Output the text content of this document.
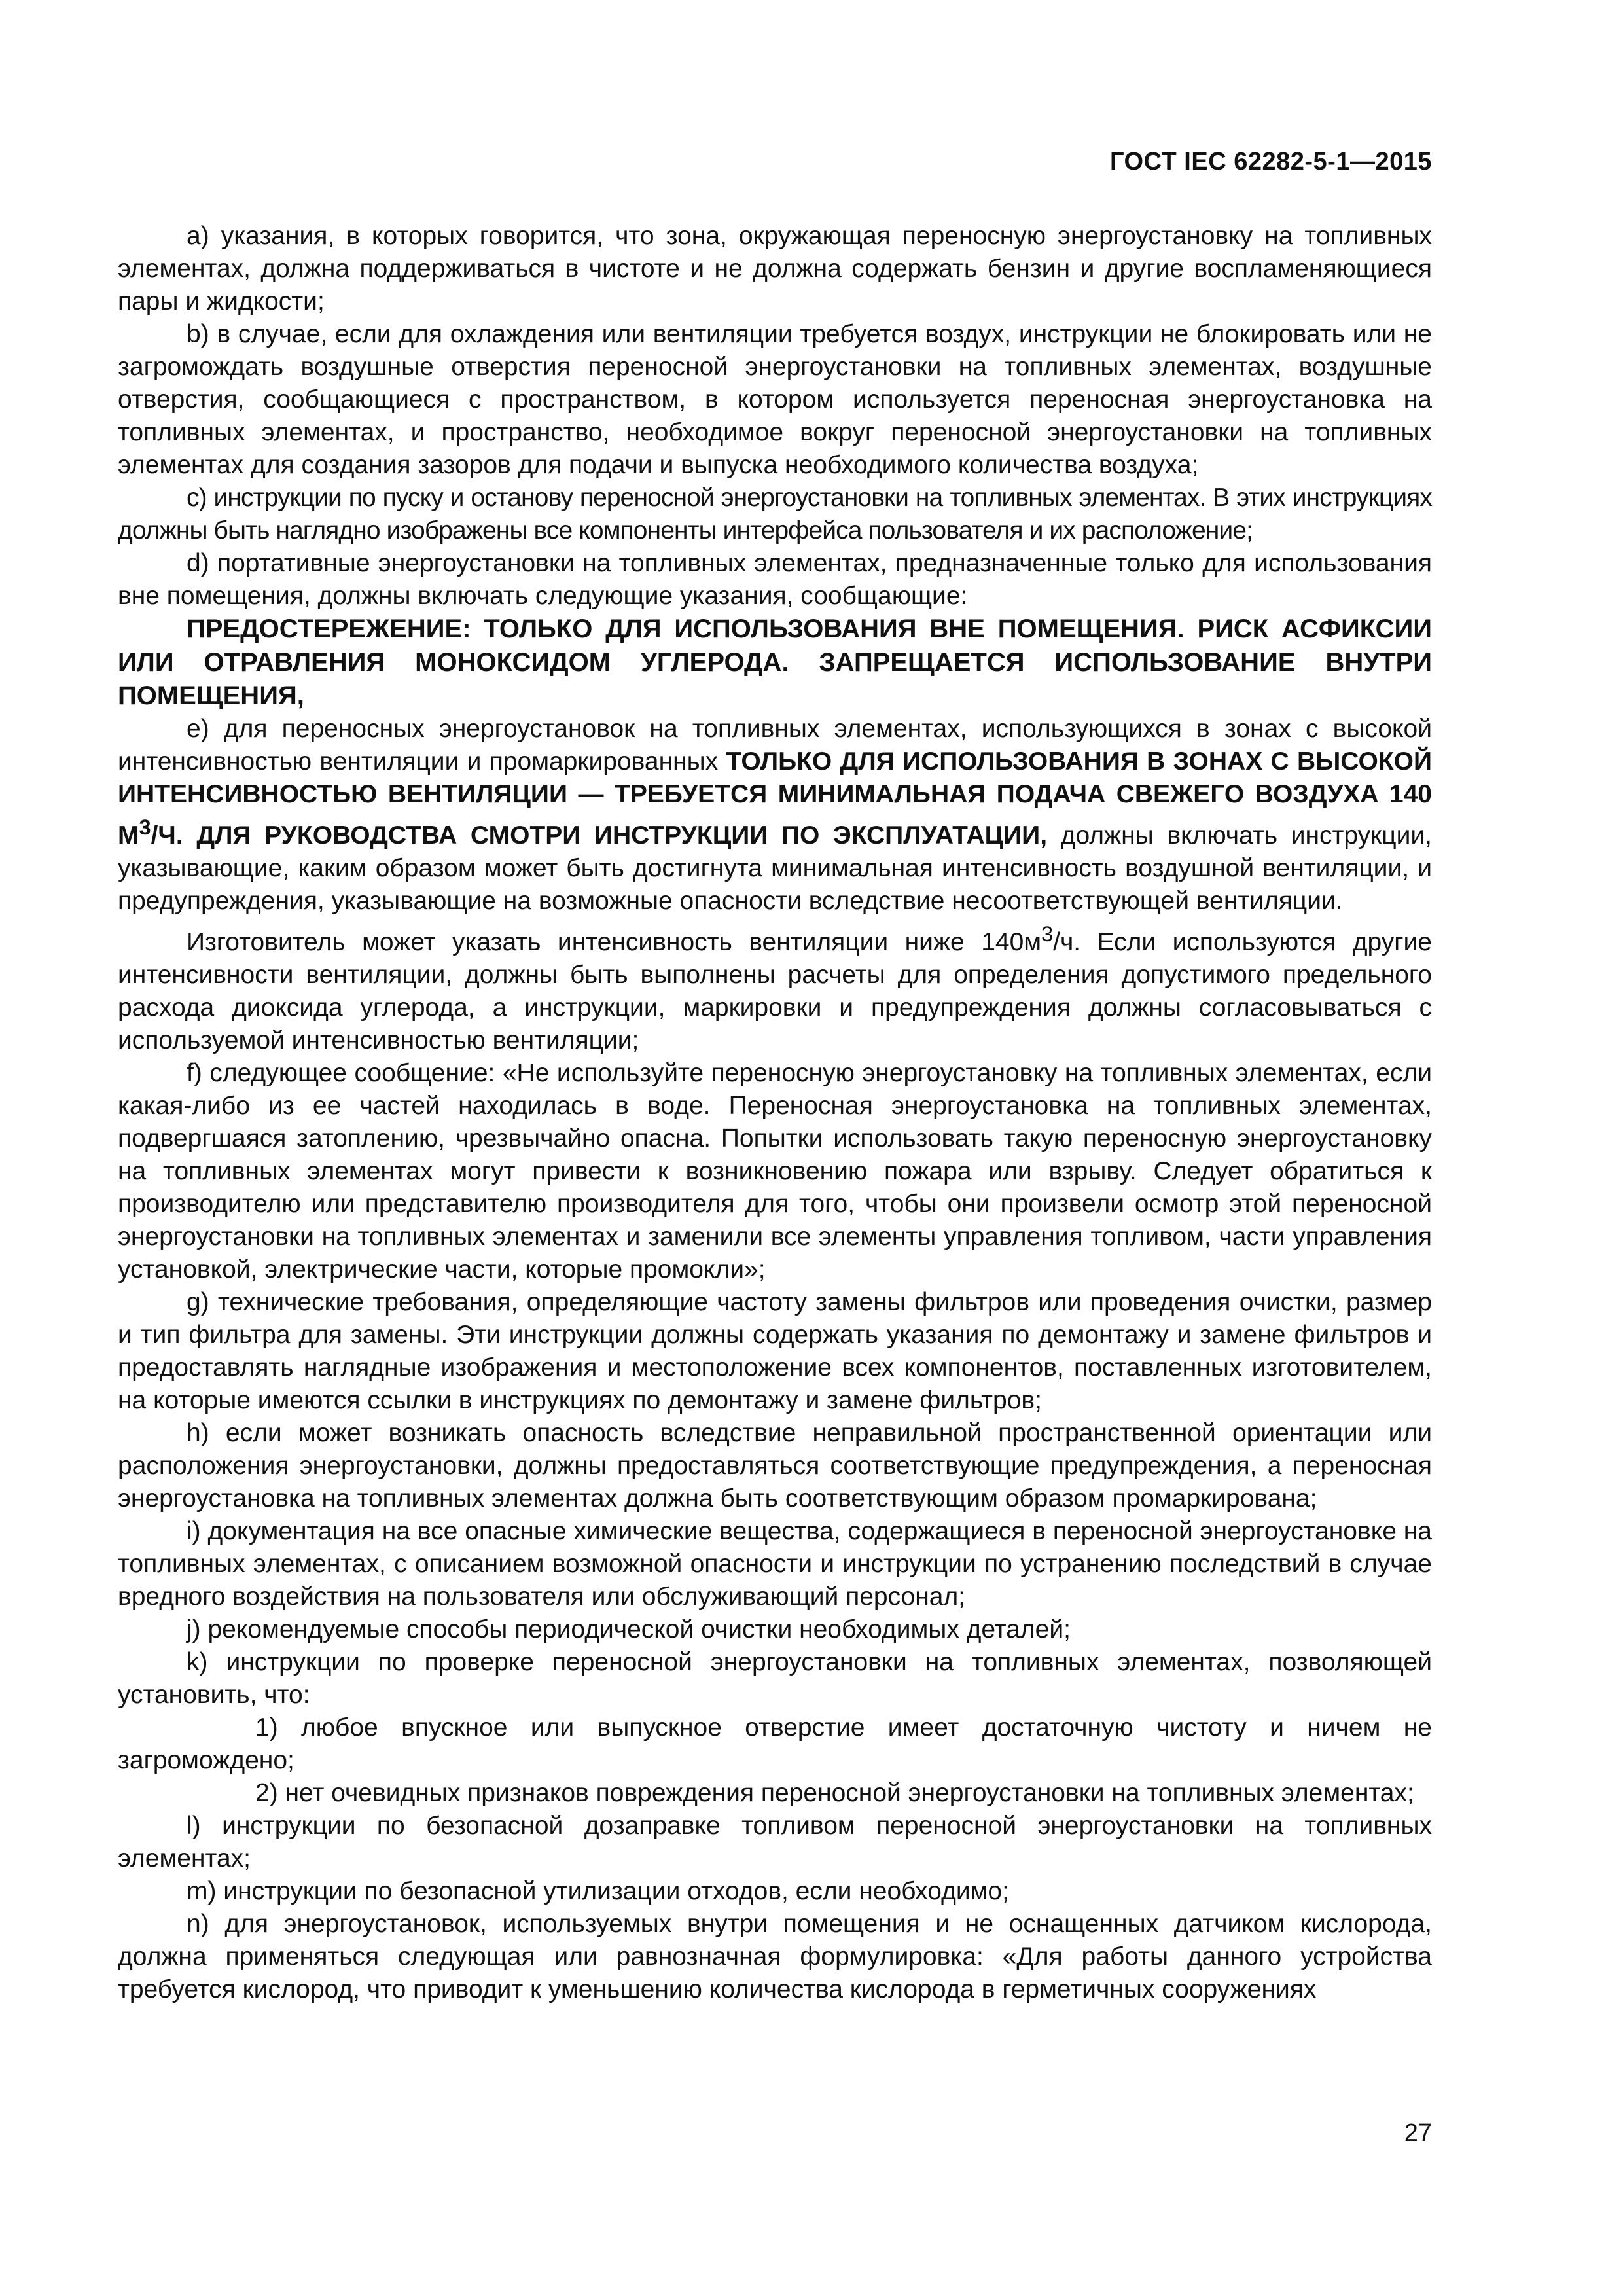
ГОСТ IEC 62282-5-1—2015

a) указания, в которых говорится, что зона, окружающая переносную энергоустановку на топливных элементах, должна поддерживаться в чистоте и не должна содержать бензин и другие воспламеняющиеся пары и жидкости;

b) в случае, если для охлаждения или вентиляции требуется воздух, инструкции не блокировать или не загромождать воздушные отверстия переносной энергоустановки на топливных элементах, воздушные отверстия, сообщающиеся с пространством, в котором используется переносная энергоустановка на топливных элементах, и пространство, необходимое вокруг переносной энергоустановки на топливных элементах для создания зазоров для подачи и выпуска необходимого количества воздуха;

c) инструкции по пуску и останову переносной энергоустановки на топливных элементах. В этих инструкциях должны быть наглядно изображены все компоненты интерфейса пользователя и их расположение;

d) портативные энергоустановки на топливных элементах, предназначенные только для использования вне помещения, должны включать следующие указания, сообщающие:

ПРЕДОСТЕРЕЖЕНИЕ: ТОЛЬКО ДЛЯ ИСПОЛЬЗОВАНИЯ ВНЕ ПОМЕЩЕНИЯ. РИСК АСФИКСИИ ИЛИ ОТРАВЛЕНИЯ МОНОКСИДОМ УГЛЕРОДА. ЗАПРЕЩАЕТСЯ ИСПОЛЬЗОВАНИЕ ВНУТРИ ПОМЕЩЕНИЯ,

e) для переносных энергоустановок на топливных элементах, использующихся в зонах с высокой интенсивностью вентиляции и промаркированных ТОЛЬКО ДЛЯ ИСПОЛЬЗОВАНИЯ В ЗОНАХ С ВЫСОКОЙ ИНТЕНСИВНОСТЬЮ ВЕНТИЛЯЦИИ — ТРЕБУЕТСЯ МИНИМАЛЬНАЯ ПОДАЧА СВЕЖЕГО ВОЗДУХА 140 $М^3/Ч$. ДЛЯ РУКОВОДСТВА СМОТРИ ИНСТРУКЦИИ ПО ЭКСПЛУАТАЦИИ, должны включать инструкции, указывающие, каким образом может быть достигнута минимальная интенсивность воздушной вентиляции, и предупреждения, указывающие на возможные опасности вследствие несоответствующей вентиляции.

Изготовитель может указать интенсивность вентиляции ниже $140м^3/ч$. Если используются другие интенсивности вентиляции, должны быть выполнены расчеты для определения допустимого предельного расхода диоксида углерода, а инструкции, маркировки и предупреждения должны согласовываться с используемой интенсивностью вентиляции;

f) следующее сообщение: «Не используйте переносную энергоустановку на топливных элементах, если какая-либо из ее частей находилась в воде. Переносная энергоустановка на топливных элементах, подвергшаяся затоплению, чрезвычайно опасна. Попытки использовать такую переносную энергоустановку на топливных элементах могут привести к возникновению пожара или взрыву. Следует обратиться к производителю или представителю производителя для того, чтобы они произвели осмотр этой переносной энергоустановки на топливных элементах и заменили все элементы управления топливом, части управления установкой, электрические части, которые промокли»;

g) технические требования, определяющие частоту замены фильтров или проведения очистки, размер и тип фильтра для замены. Эти инструкции должны содержать указания по демонтажу и замене фильтров и предоставлять наглядные изображения и местоположение всех компонентов, поставленных изготовителем, на которые имеются ссылки в инструкциях по демонтажу и замене фильтров;

h) если может возникать опасность вследствие неправильной пространственной ориентации или расположения энергоустановки, должны предоставляться соответствующие предупреждения, а переносная энергоустановка на топливных элементах должна быть соответствующим образом промаркирована;

i) документация на все опасные химические вещества, содержащиеся в переносной энергоустановке на топливных элементах, с описанием возможной опасности и инструкции по устранению последствий в случае вредного воздействия на пользователя или обслуживающий персонал;

j) рекомендуемые способы периодической очистки необходимых деталей;

k) инструкции по проверке переносной энергоустановки на топливных элементах, позволяющей установить, что:

1) любое впускное или выпускное отверстие имеет достаточную чистоту и ничем не загромождено;

2) нет очевидных признаков повреждения переносной энергоустановки на топливных элементах;

l) инструкции по безопасной дозаправке топливом переносной энергоустановки на топливных элементах;

m) инструкции по безопасной утилизации отходов, если необходимо;

n) для энергоустановок, используемых внутри помещения и не оснащенных датчиком кислорода, должна применяться следующая или равнозначная формулировка: «Для работы данного устройства требуется кислород, что приводит к уменьшению количества кислорода в герметичных сооружениях

27
